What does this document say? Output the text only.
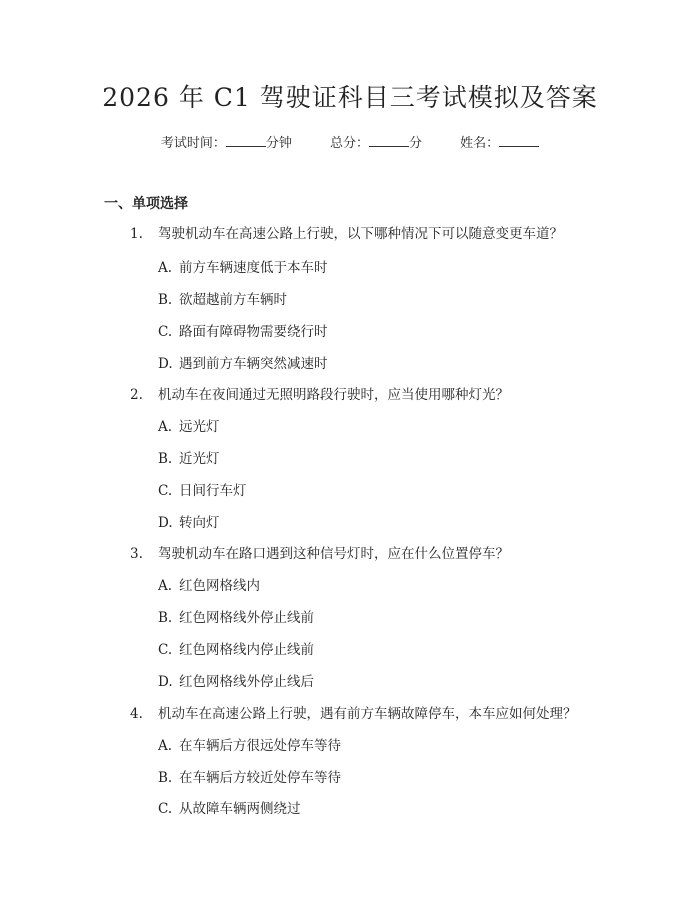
2026 年 C1 驾驶证科目三考试模拟及答案
考试时间：	分钟	总分：	分	姓名：
一、单项选择
1. 驾驶机动车在高速公路上行驶，以下哪种情况下可以随意变更车道？
A. 前方车辆速度低于本车时
B. 欲超越前方车辆时
C. 路面有障碍物需要绕行时
D. 遇到前方车辆突然减速时
2. 机动车在夜间通过无照明路段行驶时，应当使用哪种灯光？
A. 远光灯
B. 近光灯
C. 日间行车灯
D. 转向灯
3. 驾驶机动车在路口遇到这种信号灯时，应在什么位置停车？
A. 红色网格线内
B. 红色网格线外停止线前
C. 红色网格线内停止线前
D. 红色网格线外停止线后
4. 机动车在高速公路上行驶，遇有前方车辆故障停车，本车应如何处理？
A. 在车辆后方很远处停车等待
B. 在车辆后方较近处停车等待
C. 从故障车辆两侧绕过
